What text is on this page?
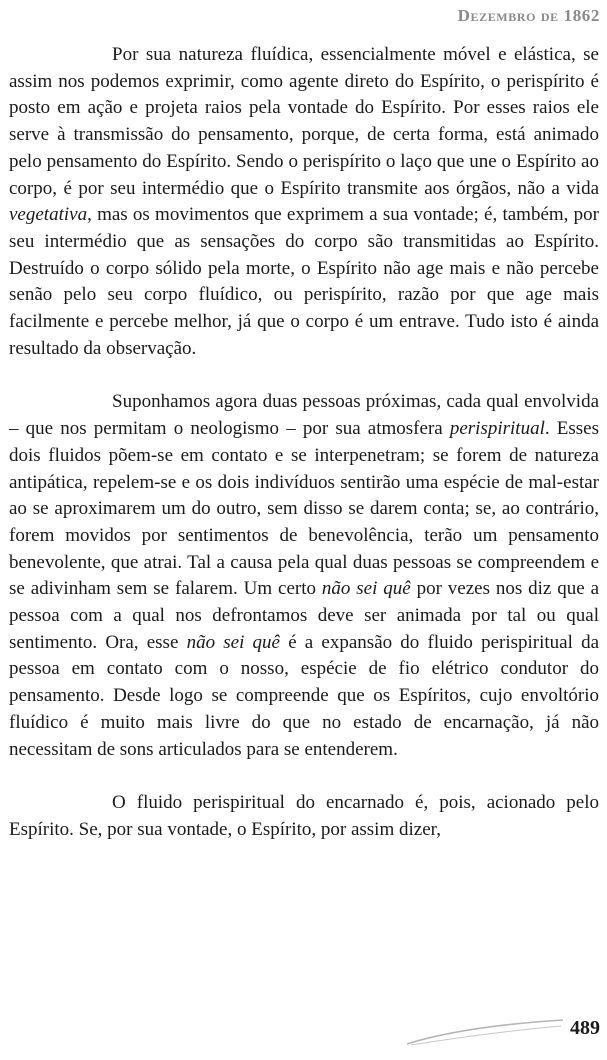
Dezembro de 1862

Por sua natureza fluídica, essencialmente móvel e elástica, se assim nos podemos exprimir, como agente direto do Espírito, o perispírito é posto em ação e projeta raios pela vontade do Espírito. Por esses raios ele serve à transmissão do pensamento, porque, de certa forma, está animado pelo pensamento do Espírito. Sendo o perispírito o laço que une o Espírito ao corpo, é por seu intermédio que o Espírito transmite aos órgãos, não a vida vegetativa, mas os movimentos que exprimem a sua vontade; é, também, por seu intermédio que as sensações do corpo são transmitidas ao Espírito. Destruído o corpo sólido pela morte, o Espírito não age mais e não percebe senão pelo seu corpo fluídico, ou perispírito, razão por que age mais facilmente e percebe melhor, já que o corpo é um entrave. Tudo isto é ainda resultado da observação.

Suponhamos agora duas pessoas próximas, cada qual envolvida – que nos permitam o neologismo – por sua atmosfera perispiritual. Esses dois fluidos põem-se em contato e se interpenetram; se forem de natureza antipática, repelem-se e os dois indivíduos sentirão uma espécie de mal-estar ao se aproximarem um do outro, sem disso se darem conta; se, ao contrário, forem movidos por sentimentos de benevolência, terão um pensamento benevolente, que atrai. Tal a causa pela qual duas pessoas se compreendem e se adivinham sem se falarem. Um certo não sei quê por vezes nos diz que a pessoa com a qual nos defrontamos deve ser animada por tal ou qual sentimento. Ora, esse não sei quê é a expansão do fluido perispiritual da pessoa em contato com o nosso, espécie de fio elétrico condutor do pensamento. Desde logo se compreende que os Espíritos, cujo envoltório fluídico é muito mais livre do que no estado de encarnação, já não necessitam de sons articulados para se entenderem.

O fluido perispiritual do encarnado é, pois, acionado pelo Espírito. Se, por sua vontade, o Espírito, por assim dizer,

489
